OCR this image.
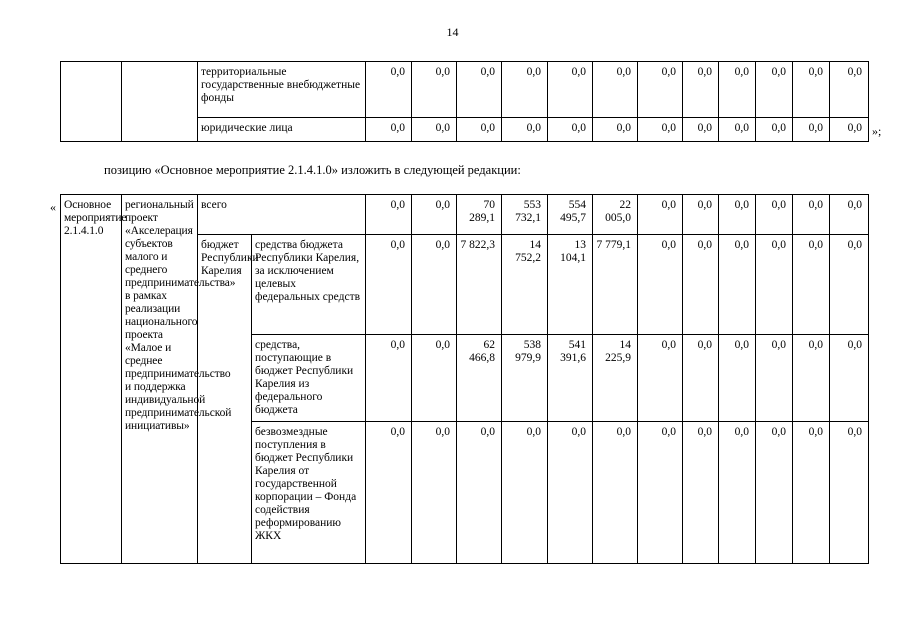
14
		территориальные государственные внебюджетные фонды	0,0	0,0	0,0	0,0	0,0	0,0	0,0	0,0	0,0	0,0	0,0	0,0
		юридические лица	0,0	0,0	0,0	0,0	0,0	0,0	0,0	0,0	0,0	0,0	0,0	0,0 »;
позицию «Основное мероприятие 2.1.4.1.0» изложить в следующей редакции:
« Основное мероприятие 2.1.4.1.0	региональный проект «Акселерация субъектов малого и среднего предпринимательства» в рамках реализации национального проекта «Малое и среднее предпринимательство и поддержка индивидуальной предпринимательской инициативы»	всего		0,0	0,0	70 289,1	553 732,1	554 495,7	22 005,0	0,0	0,0	0,0	0,0	0,0	0,0
		бюджет Республики Карелия	средства бюджета Республики Карелия, за исключением целевых федеральных средств	0,0	0,0	7 822,3	14 752,2	13 104,1	7 779,1	0,0	0,0	0,0	0,0	0,0	0,0
			средства, поступающие в бюджет Республики Карелия из федерального бюджета	0,0	0,0	62 466,8	538 979,9	541 391,6	14 225,9	0,0	0,0	0,0	0,0	0,0	0,0
			безвозмездные поступления в бюджет Республики Карелия от государственной корпорации – Фонда содействия реформированию ЖКХ	0,0	0,0	0,0	0,0	0,0	0,0	0,0	0,0	0,0	0,0	0,0	0,0
